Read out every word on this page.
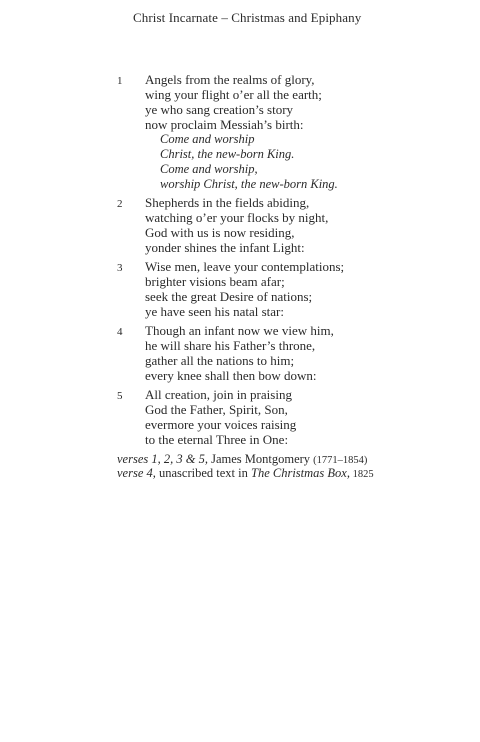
Christ Incarnate – Christmas and Epiphany
1 Angels from the realms of glory,
wing your flight o’er all the earth;
ye who sang creation’s story
now proclaim Messiah’s birth:
Come and worship
Christ, the new-born King.
Come and worship,
worship Christ, the new-born King.
2 Shepherds in the fields abiding,
watching o’er your flocks by night,
God with us is now residing,
yonder shines the infant Light:
3 Wise men, leave your contemplations;
brighter visions beam afar;
seek the great Desire of nations;
ye have seen his natal star:
4 Though an infant now we view him,
he will share his Father’s throne,
gather all the nations to him;
every knee shall then bow down:
5 All creation, join in praising
God the Father, Spirit, Son,
evermore your voices raising
to the eternal Three in One:
verses 1, 2, 3 & 5, James Montgomery (1771–1854)
verse 4, unascribed text in The Christmas Box, 1825
